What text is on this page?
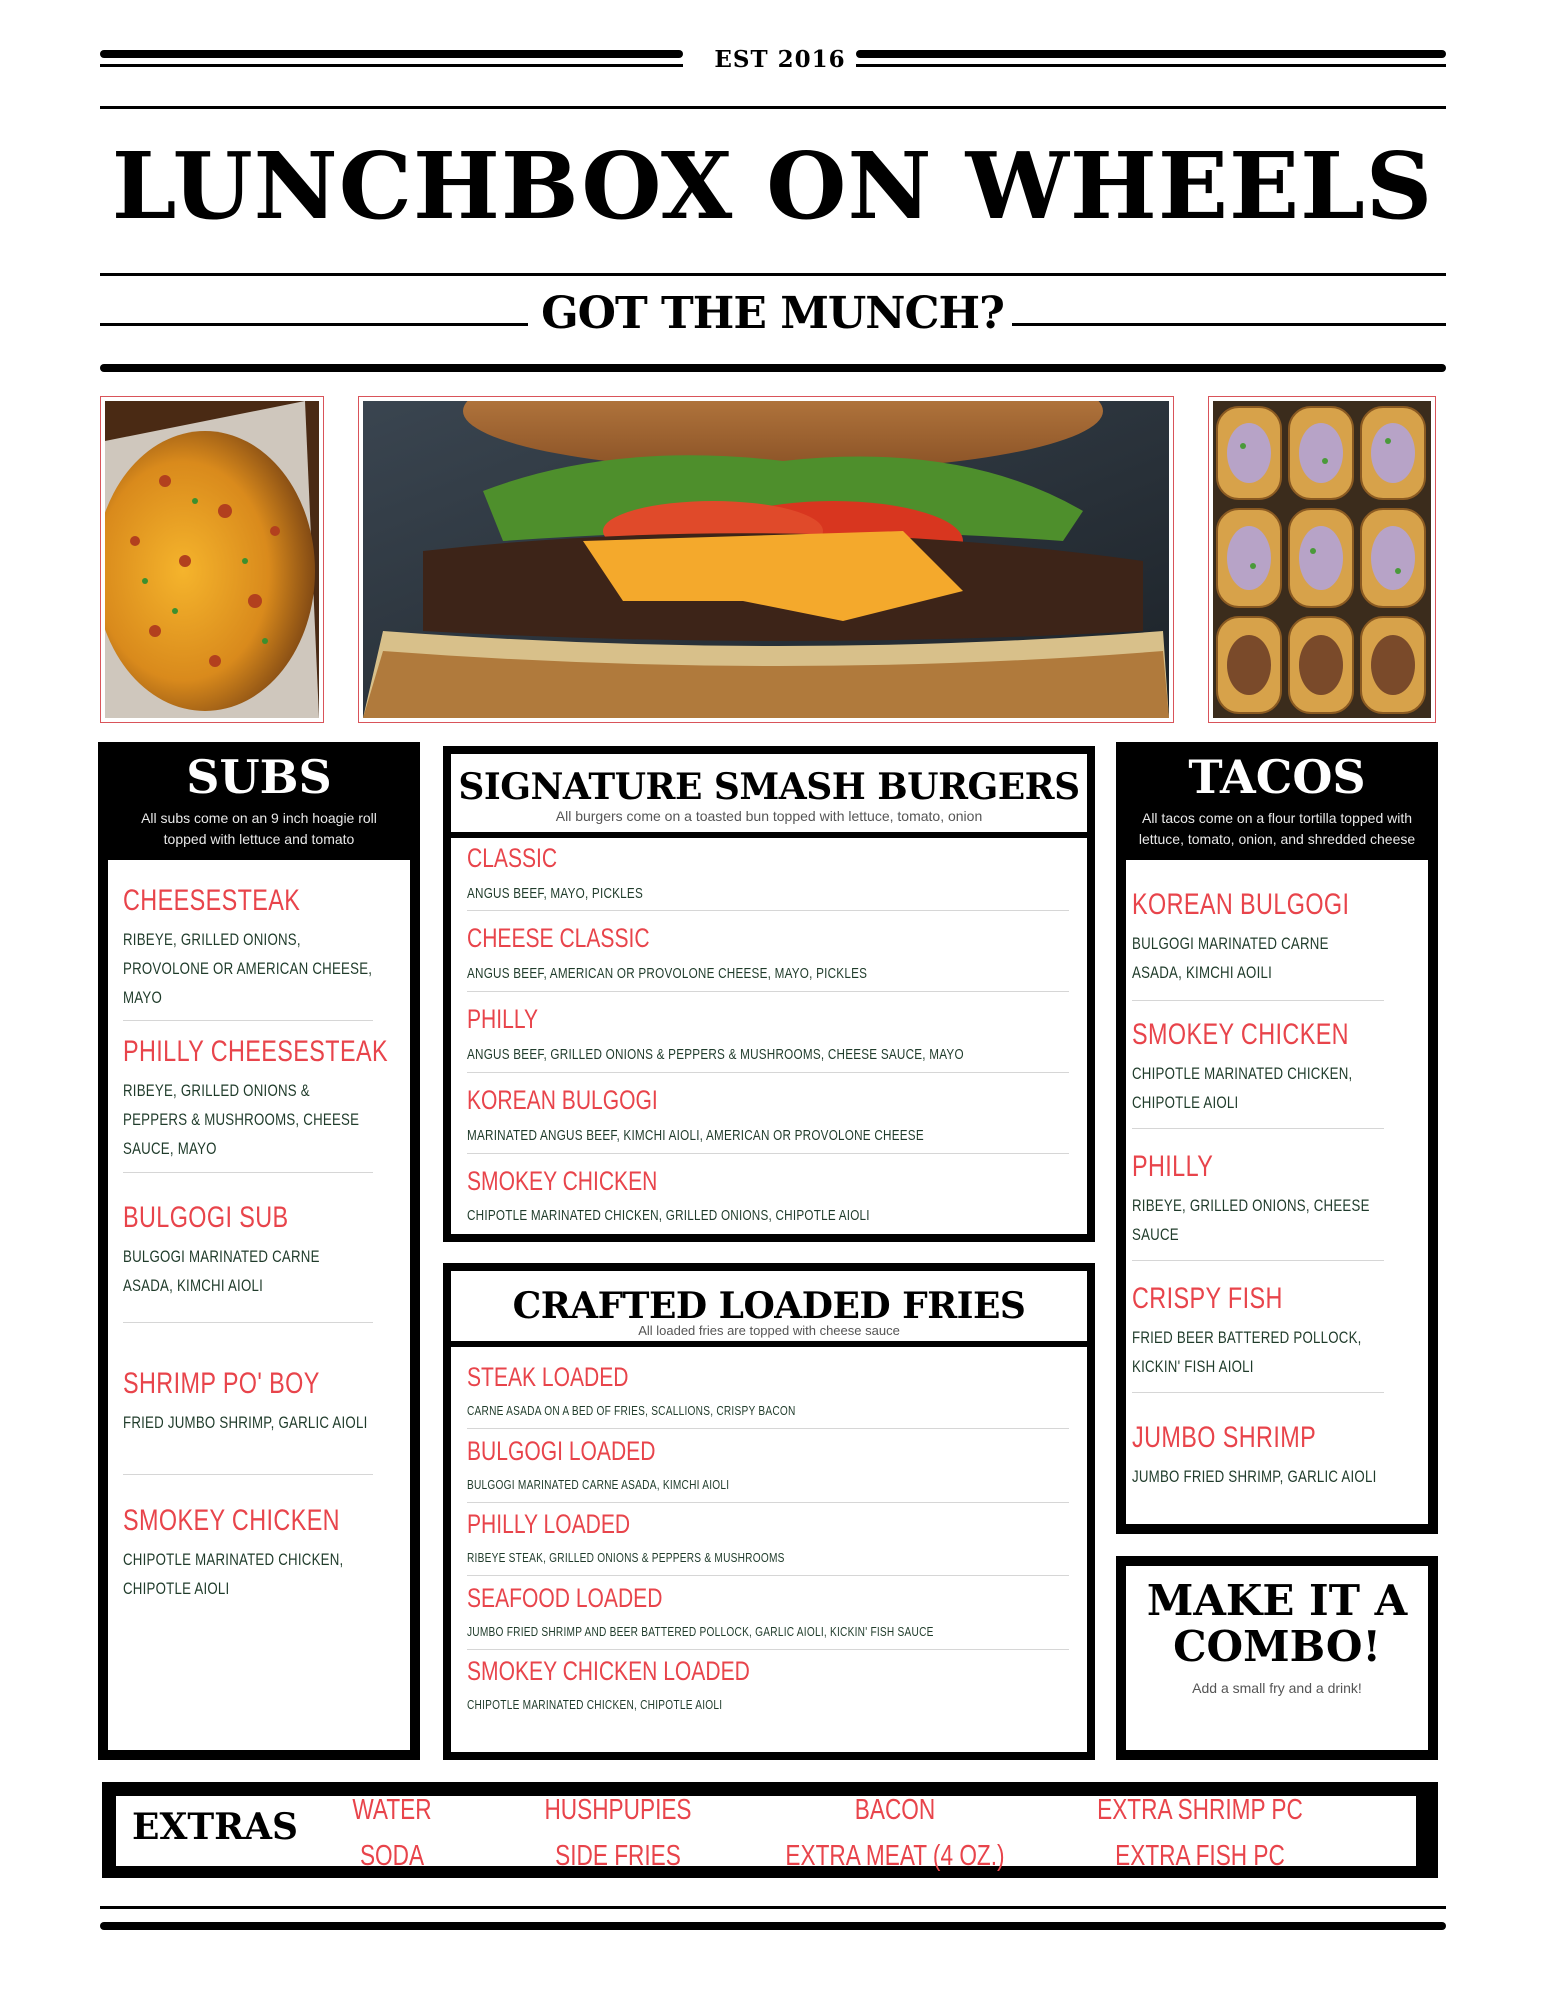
EST 2016
LUNCHBOX ON WHEELS
GOT THE MUNCH?
SUBS
All subs come on an 9 inch hoagie roll
topped with lettuce and tomato
CHEESESTEAK
RIBEYE, GRILLED ONIONS,
PROVOLONE OR AMERICAN CHEESE,
MAYO
PHILLY CHEESESTEAK
RIBEYE, GRILLED ONIONS &
PEPPERS & MUSHROOMS, CHEESE
SAUCE, MAYO
BULGOGI SUB
BULGOGI MARINATED CARNE
ASADA, KIMCHI AIOLI
SHRIMP PO' BOY
FRIED JUMBO SHRIMP, GARLIC AIOLI
SMOKEY CHICKEN
CHIPOTLE MARINATED CHICKEN,
CHIPOTLE AIOLI
SIGNATURE SMASH BURGERS
All burgers come on a toasted bun topped with lettuce, tomato, onion
CLASSIC
ANGUS BEEF, MAYO, PICKLES
CHEESE CLASSIC
ANGUS BEEF, AMERICAN OR PROVOLONE CHEESE, MAYO, PICKLES
PHILLY
ANGUS BEEF, GRILLED ONIONS & PEPPERS & MUSHROOMS, CHEESE SAUCE, MAYO
KOREAN BULGOGI
MARINATED ANGUS BEEF, KIMCHI AIOLI, AMERICAN OR PROVOLONE CHEESE
SMOKEY CHICKEN
CHIPOTLE MARINATED CHICKEN, GRILLED ONIONS, CHIPOTLE AIOLI
CRAFTED LOADED FRIES
All loaded fries are topped with cheese sauce
STEAK LOADED
CARNE ASADA ON A BED OF FRIES, SCALLIONS, CRISPY BACON
BULGOGI LOADED
BULGOGI MARINATED CARNE ASADA, KIMCHI AIOLI
PHILLY LOADED
RIBEYE STEAK, GRILLED ONIONS & PEPPERS & MUSHROOMS
SEAFOOD LOADED
JUMBO FRIED SHRIMP AND BEER BATTERED POLLOCK, GARLIC AIOLI, KICKIN' FISH SAUCE
SMOKEY CHICKEN LOADED
CHIPOTLE MARINATED CHICKEN, CHIPOTLE AIOLI
TACOS
All tacos come on a flour tortilla topped with
lettuce, tomato, onion, and shredded cheese
KOREAN BULGOGI
BULGOGI MARINATED CARNE
ASADA, KIMCHI AOILI
SMOKEY CHICKEN
CHIPOTLE MARINATED CHICKEN,
CHIPOTLE AIOLI
PHILLY
RIBEYE, GRILLED ONIONS, CHEESE
SAUCE
CRISPY FISH
FRIED BEER BATTERED POLLOCK,
KICKIN' FISH AIOLI
JUMBO SHRIMP
JUMBO FRIED SHRIMP, GARLIC AIOLI
MAKE IT A
COMBO!
Add a small fry and a drink!
EXTRAS	WATER
SODA
HUSHPUPIES
SIDE FRIES
BACON
EXTRA MEAT (4 OZ.)
EXTRA SHRIMP PC
EXTRA FISH PC
